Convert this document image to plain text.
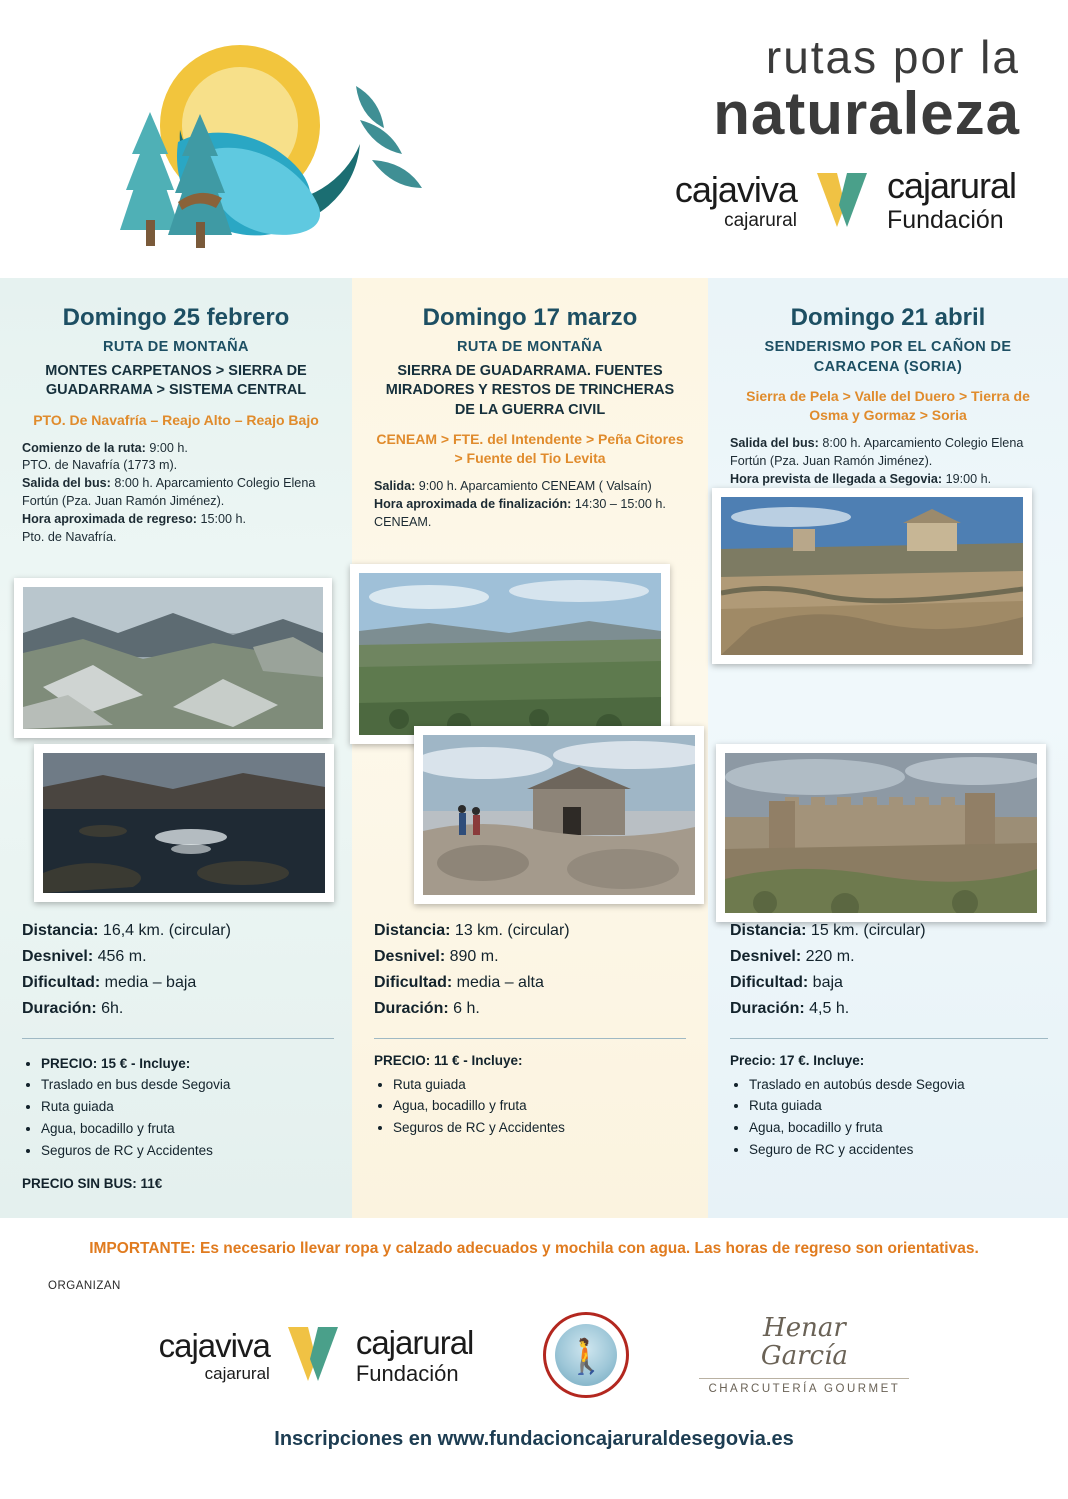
rutas por la
naturaleza
cajaviva
cajarural
cajarural
Fundación
Domingo 25 febrero
RUTA DE MONTAÑA
MONTES CARPETANOS > SIERRA DE GUADARRAMA > SISTEMA CENTRAL
PTO. De Navafría – Reajo Alto – Reajo Bajo
Comienzo de la ruta: 9:00 h.
PTO. de Navafría (1773 m).
Salida del bus: 8:00 h. Aparcamiento Colegio Elena Fortún (Pza. Juan Ramón Jiménez).
Hora aproximada de regreso: 15:00 h.
Pto. de Navafría.
Distancia: 16,4 km. (circular)
Desnivel: 456 m.
Dificultad: media – baja
Duración: 6h.
• PRECIO: 15 € - Incluye:
• Traslado en bus desde Segovia
• Ruta guiada
• Agua, bocadillo y fruta
• Seguros de RC y Accidentes
PRECIO SIN BUS: 11€
Domingo 17 marzo
RUTA DE MONTAÑA
SIERRA DE GUADARRAMA. FUENTES MIRADORES Y RESTOS DE TRINCHERAS DE LA GUERRA CIVIL
CENEAM > FTE. del Intendente > Peña Citores > Fuente del Tio Levita
Salida: 9:00 h. Aparcamiento CENEAM ( Valsaín)
Hora aproximada de finalización: 14:30 – 15:00 h. CENEAM.
Distancia: 13 km. (circular)
Desnivel: 890 m.
Dificultad: media – alta
Duración: 6 h.
PRECIO: 11 € - Incluye:
• Ruta guiada
• Agua, bocadillo y fruta
• Seguros de RC y Accidentes
Domingo 21 abril
SENDERISMO POR EL CAÑON DE CARACENA (SORIA)
Sierra de Pela > Valle del Duero > Tierra de Osma y Gormaz > Soria
Salida del bus: 8:00 h. Aparcamiento Colegio Elena Fortún (Pza. Juan Ramón Jiménez).
Hora prevista de llegada a Segovia: 19:00 h.
Distancia: 15 km. (circular)
Desnivel: 220 m.
Dificultad: baja
Duración: 4,5 h.
Precio: 17 €. Incluye:
• Traslado en autobús desde Segovia
• Ruta guiada
• Agua, bocadillo y fruta
• Seguro de RC y accidentes
IMPORTANTE: Es necesario llevar ropa y calzado adecuados y mochila con agua. Las horas de regreso son orientativas.
ORGANIZAN
cajaviva
cajarural
cajarural
Fundación	🚶
Henar
García
CHARCUTERÍA GOURMET
Inscripciones en www.fundacioncajaruraldesegovia.es
